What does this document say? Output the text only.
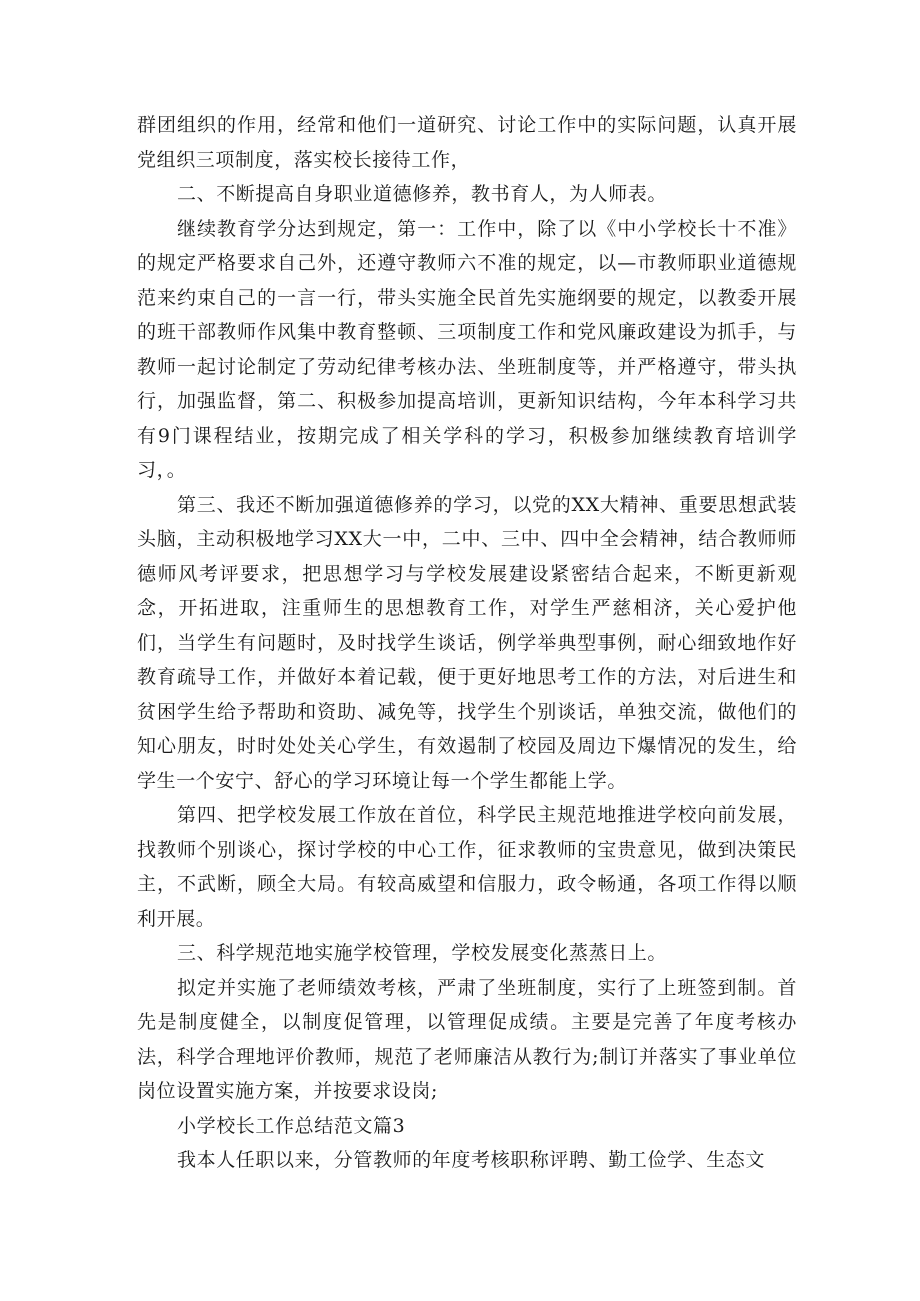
群团组织的作用，经常和他们一道研究、讨论工作中的实际问题，认真开展党组织三项制度，落实校长接待工作，

二、不断提高自身职业道德修养，教书育人，为人师表。

继续教育学分达到规定，第一：工作中，除了以《中小学校长十不准》的规定严格要求自己外，还遵守教师六不准的规定，以—市教师职业道德规范来约束自己的一言一行，带头实施全民首先实施纲要的规定，以教委开展的班干部教师作风集中教育整顿、三项制度工作和党风廉政建设为抓手，与教师一起讨论制定了劳动纪律考核办法、坐班制度等，并严格遵守，带头执行，加强监督，第二、积极参加提高培训，更新知识结构，今年本科学习共有9门课程结业，按期完成了相关学科的学习，积极参加继续教育培训学习，。

第三、我还不断加强道德修养的学习，以党的XX大精神、重要思想武装头脑，主动积极地学习XX大一中，二中、三中、四中全会精神，结合教师师德师风考评要求，把思想学习与学校发展建设紧密结合起来，不断更新观念，开拓进取，注重师生的思想教育工作，对学生严慈相济，关心爱护他们，当学生有问题时，及时找学生谈话，例学举典型事例，耐心细致地作好教育疏导工作，并做好本着记载，便于更好地思考工作的方法，对后进生和贫困学生给予帮助和资助、减免等，找学生个别谈话，单独交流，做他们的知心朋友，时时处处关心学生，有效遏制了校园及周边下爆情况的发生，给学生一个安宁、舒心的学习环境让每一个学生都能上学。

第四、把学校发展工作放在首位，科学民主规范地推进学校向前发展，找教师个别谈心，探讨学校的中心工作，征求教师的宝贵意见，做到决策民主，不武断，顾全大局。有较高威望和信服力，政令畅通，各项工作得以顺利开展。

三、科学规范地实施学校管理，学校发展变化蒸蒸日上。

拟定并实施了老师绩效考核，严肃了坐班制度，实行了上班签到制。首先是制度健全，以制度促管理，以管理促成绩。主要是完善了年度考核办法，科学合理地评价教师，规范了老师廉洁从教行为;制订并落实了事业单位岗位设置实施方案，并按要求设岗;

小学校长工作总结范文篇3

我本人任职以来，分管教师的年度考核职称评聘、勤工俭学、生态文
